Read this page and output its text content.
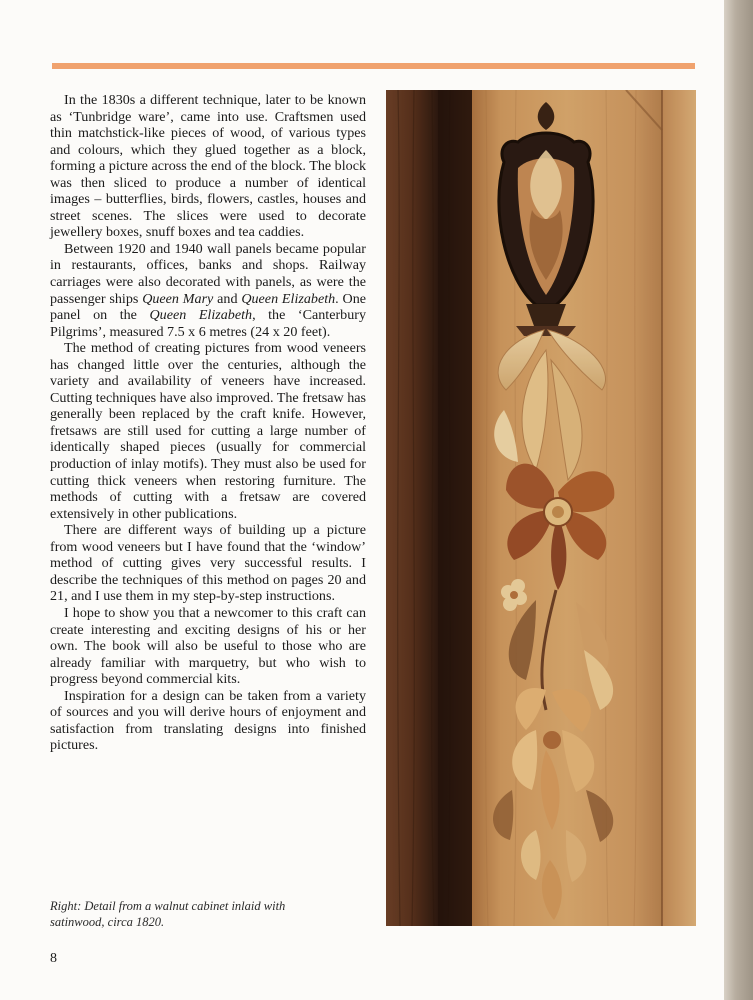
In the 1830s a different technique, later to be known as ‘Tunbridge ware’, came into use. Craftsmen used thin matchstick-like pieces of wood, of various types and colours, which they glued together as a block, forming a picture across the end of the block. The block was then sliced to produce a number of identical images – butterflies, birds, flowers, castles, houses and street scenes. The slices were used to decorate jewellery boxes, snuff boxes and tea caddies.

Between 1920 and 1940 wall panels became popular in restaurants, offices, banks and shops. Railway carriages were also decorated with panels, as were the passenger ships Queen Mary and Queen Elizabeth. One panel on the Queen Elizabeth, the ‘Canterbury Pilgrims’, measured 7.5 x 6 metres (24 x 20 feet).

The method of creating pictures from wood veneers has changed little over the centuries, although the variety and availability of veneers have increased. Cutting techniques have also improved. The fretsaw has generally been replaced by the craft knife. However, fretsaws are still used for cutting a large number of identically shaped pieces (usually for commercial production of inlay motifs). They must also be used for cutting thick veneers when restoring furniture. The methods of cutting with a fretsaw are covered extensively in other publications.

There are different ways of building up a picture from wood veneers but I have found that the ‘window’ method of cutting gives very successful results. I describe the techniques of this method on pages 20 and 21, and I use them in my step-by-step instructions.

I hope to show you that a newcomer to this craft can create interesting and exciting designs of his or her own. The book will also be useful to those who are already familiar with marquetry, but who wish to progress beyond commercial kits.

Inspiration for a design can be taken from a variety of sources and you will derive hours of enjoyment and satisfaction from translating designs into finished pictures.

Right: Detail from a walnut cabinet inlaid with
satinwood, circa 1820.
8
